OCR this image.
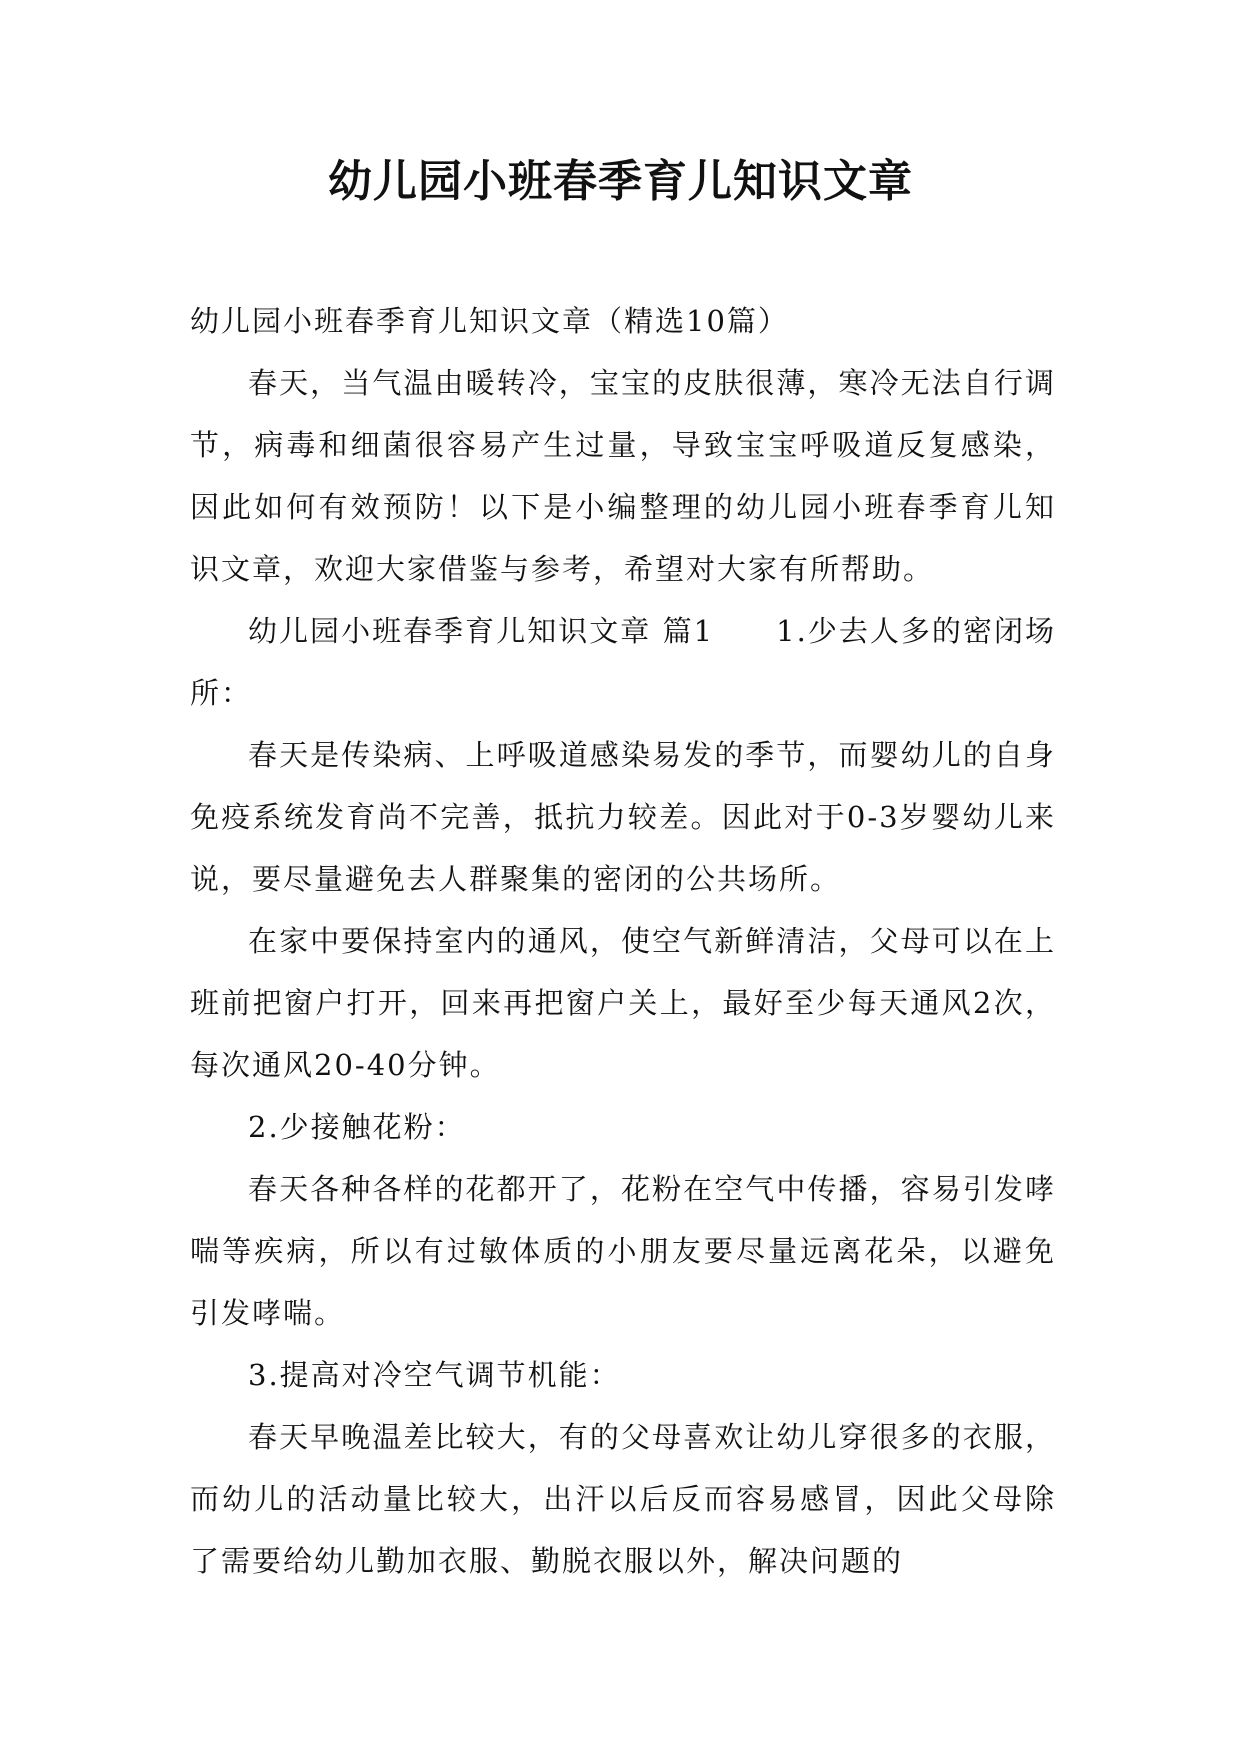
幼儿园小班春季育儿知识文章

幼儿园小班春季育儿知识文章（精选10篇）

春天，当气温由暖转冷，宝宝的皮肤很薄，寒冷无法自行调节，病毒和细菌很容易产生过量，导致宝宝呼吸道反复感染，因此如何有效预防！以下是小编整理的幼儿园小班春季育儿知识文章，欢迎大家借鉴与参考，希望对大家有所帮助。

幼儿园小班春季育儿知识文章 篇1　　1.少去人多的密闭场所：

春天是传染病、上呼吸道感染易发的季节，而婴幼儿的自身免疫系统发育尚不完善，抵抗力较差。因此对于0-3岁婴幼儿来说，要尽量避免去人群聚集的密闭的公共场所。

在家中要保持室内的通风，使空气新鲜清洁，父母可以在上班前把窗户打开，回来再把窗户关上，最好至少每天通风2次，每次通风20-40分钟。

2.少接触花粉：

春天各种各样的花都开了，花粉在空气中传播，容易引发哮喘等疾病，所以有过敏体质的小朋友要尽量远离花朵，以避免引发哮喘。

3.提高对冷空气调节机能：

春天早晚温差比较大，有的父母喜欢让幼儿穿很多的衣服，而幼儿的活动量比较大，出汗以后反而容易感冒，因此父母除了需要给幼儿勤加衣服、勤脱衣服以外，解决问题的
